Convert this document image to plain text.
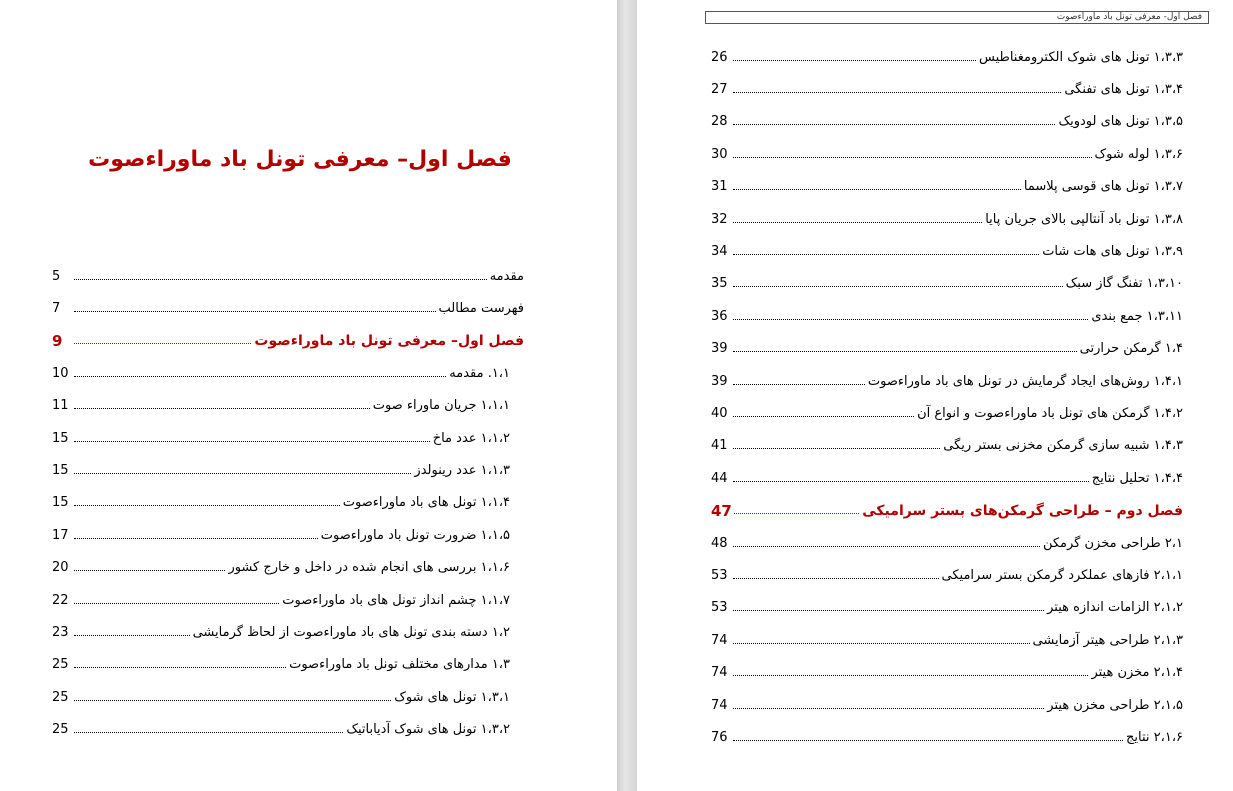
فصل اول– معرفی تونل باد ماوراءصوت
مقدمه
5
فهرست مطالب
7
فصل اول– معرفی تونل باد ماوراءصوت
9
۱،۱. مقدمه
10
۱،۱،۱ جریان ماوراء صوت
11
۱،۱،۲ عدد ماخ
15
۱،۱،۳ عدد رینولدز
15
۱،۱،۴ تونل های باد ماوراءصوت
15
۱،۱،۵ ضرورت تونل باد ماوراءصوت
17
۱،۱،۶ بررسی های انجام شده در داخل و خارج کشور
20
۱،۱،۷ چشم انداز تونل های باد ماوراءصوت
22
۱،۲ دسته بندی تونل های باد ماوراءصوت از لحاظ گرمایشی
23
۱،۳ مدارهای مختلف تونل باد ماوراءصوت
25
۱،۳،۱ تونل های شوک
25
۱،۳،۲ تونل های شوک آدیاباتیک
25
فصل اول- معرفی تونل باد ماوراءصوت
۱،۳،۳ تونل های شوک الکترومغناطیس
26
۱،۳،۴ تونل های تفنگی
27
۱،۳،۵ تونل های لودویک
28
۱،۳،۶ لوله شوک
30
۱،۳،۷ تونل های قوسی پلاسما
31
۱،۳،۸ تونل باد آنتالپی بالای جریان پایا
32
۱،۳،۹ تونل های هات شات
34
۱،۳،۱۰ تفنگ گاز سبک
35
۱،۳،۱۱ جمع بندی
36
۱،۴ گرمکن حرارتی
39
۱،۴،۱ روش‌های ایجاد گرمایش در تونل های باد ماوراءصوت
39
۱،۴،۲ گرمکن های تونل باد ماوراءصوت و انواع آن
40
۱،۴،۳ شبیه سازی گرمکن مخزنی بستر ریگی
41
۱،۴،۴ تحلیل نتایج
44
فصل دوم – طراحی گرمکن‌های بستر سرامیکی
47
۲،۱ طراحی مخزن گرمکن
48
۲،۱،۱ فازهای عملکرد گرمکن بستر سرامیکی
53
۲،۱،۲ الزامات اندازه هیتر
53
۲،۱،۳ طراحی هیتر آزمایشی
74
۲،۱،۴ مخزن هیتر
74
۲،۱،۵ طراحی مخزن هیتر
74
۲،۱،۶ نتایج
76
